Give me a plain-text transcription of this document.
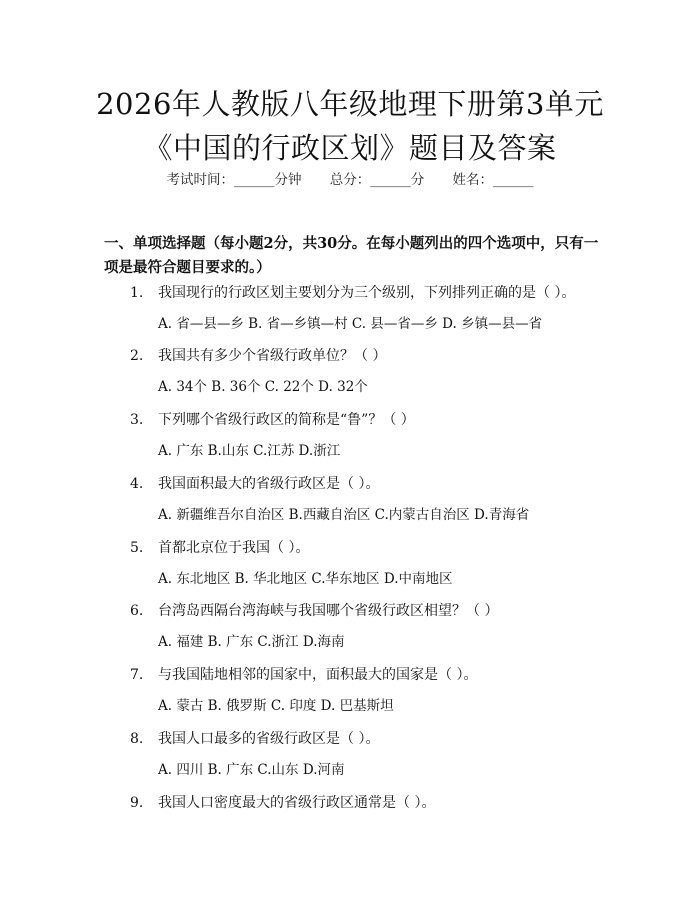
2026年人教版八年级地理下册第3单元《中国的行政区划》题目及答案
考试时间：______分钟 总分：______分 姓名：______
一、单项选择题（每小题2分，共30分。在每小题列出的四个选项中，只有一项是最符合题目要求的。）
1. 我国现行的行政区划主要划分为三个级别，下列排列正确的是（ ）。
A. 省—县—乡 B. 省—乡镇—村 C. 县—省—乡 D. 乡镇—县—省
2. 我国共有多少个省级行政单位？（ ）
A. 34个 B. 36个 C. 22个 D. 32个
3. 下列哪个省级行政区的简称是“鲁”？（ ）
A. 广东 B.山东 C.江苏 D.浙江
4. 我国面积最大的省级行政区是（ ）。
A. 新疆维吾尔自治区 B.西藏自治区 C.内蒙古自治区 D.青海省
5. 首都北京位于我国（ ）。
A. 东北地区 B. 华北地区 C.华东地区 D.中南地区
6. 台湾岛西隔台湾海峡与我国哪个省级行政区相望？（ ）
A. 福建 B. 广东 C.浙江 D.海南
7. 与我国陆地相邻的国家中，面积最大的国家是（ ）。
A. 蒙古 B. 俄罗斯 C. 印度 D. 巴基斯坦
8. 我国人口最多的省级行政区是（ ）。
A. 四川 B. 广东 C.山东 D.河南
9. 我国人口密度最大的省级行政区通常是（ ）。
